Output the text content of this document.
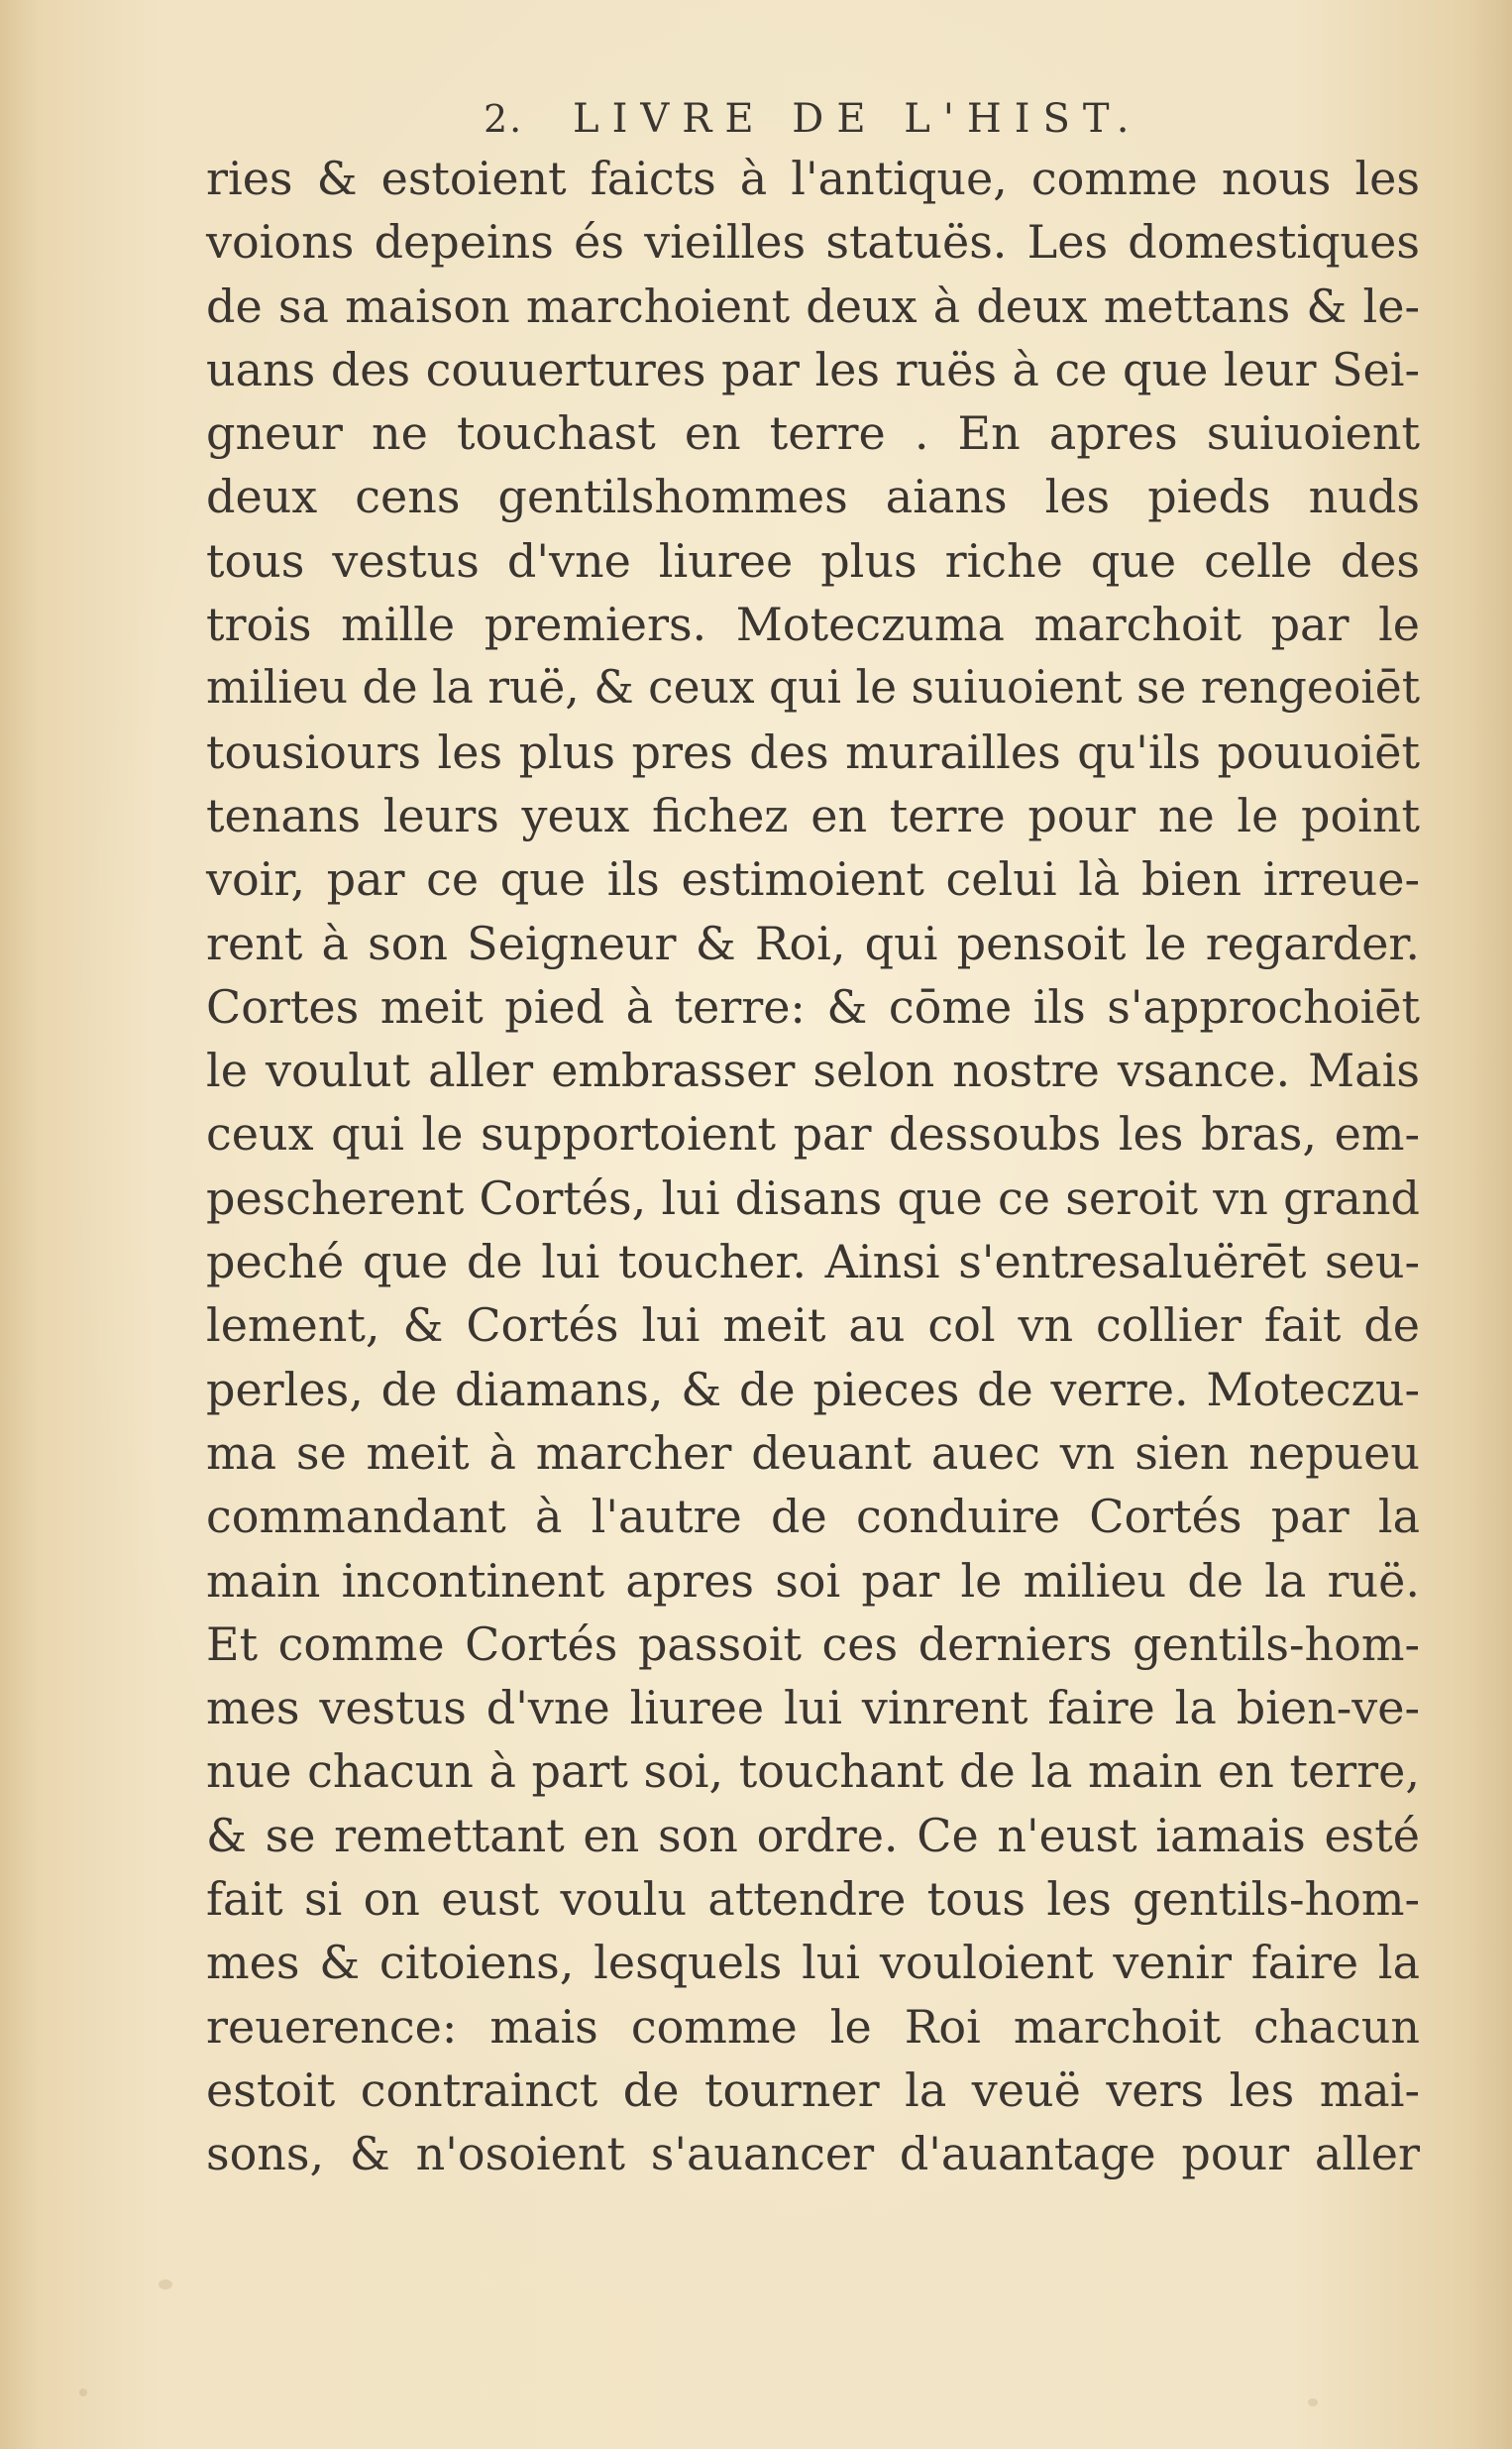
2. LIVRE DE L'HIST.
ries & estoient faicts à l'antique, comme nous les
voions depeins és vieilles statuës. Les domestiques
de sa maison marchoient deux à deux mettans & le-
uans des couuertures par les ruës à ce que leur Sei-
gneur ne touchast en terre . En apres suiuoient
deux cens gentilshommes aians les pieds nuds
tous vestus d'vne liuree plus riche que celle des
trois mille premiers. Moteczuma marchoit par le
milieu de la ruë, & ceux qui le suiuoient se rengeoiēt
tousiours les plus pres des murailles qu'ils pouuoiēt
tenans leurs yeux fichez en terre pour ne le point
voir, par ce que ils estimoient celui là bien irreue-
rent à son Seigneur & Roi, qui pensoit le regarder.
Cortes meit pied à terre: & cōme ils s'approchoiēt
le voulut aller embrasser selon nostre vsance. Mais
ceux qui le supportoient par dessoubs les bras, em-
pescherent Cortés, lui disans que ce seroit vn grand
peché que de lui toucher. Ainsi s'entresaluërēt seu-
lement, & Cortés lui meit au col vn collier fait de
perles, de diamans, & de pieces de verre. Moteczu-
ma se meit à marcher deuant auec vn sien nepueu
commandant à l'autre de conduire Cortés par la
main incontinent apres soi par le milieu de la ruë.
Et comme Cortés passoit ces derniers gentils-hom-
mes vestus d'vne liuree lui vinrent faire la bien-ve-
nue chacun à part soi, touchant de la main en terre,
& se remettant en son ordre. Ce n'eust iamais esté
fait si on eust voulu attendre tous les gentils-hom-
mes & citoiens, lesquels lui vouloient venir faire la
reuerence: mais comme le Roi marchoit chacun
estoit contrainct de tourner la veuë vers les mai-
sons, & n'osoient s'auancer d'auantage pour aller
